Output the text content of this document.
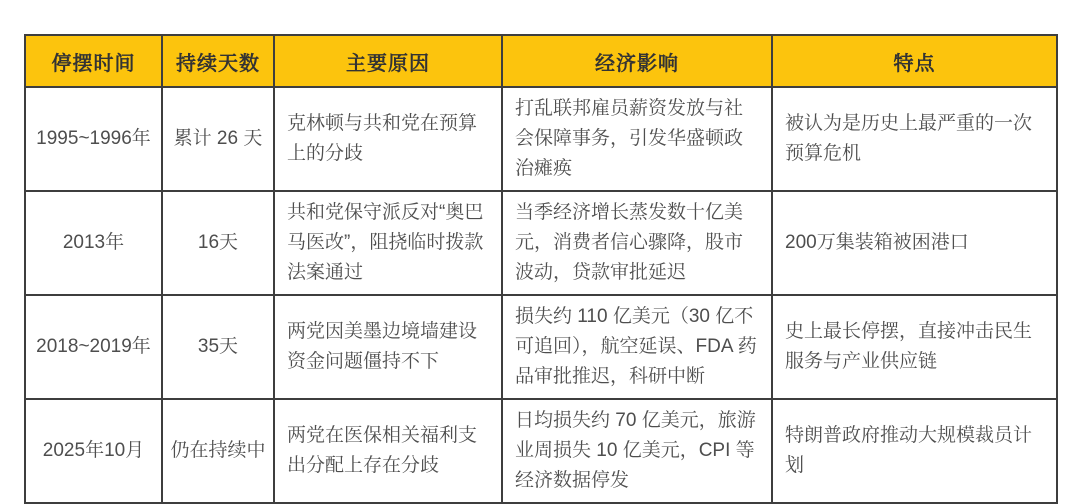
停摆时间	持续天数	主要原因	经济影响	特点
1995~1996年	累计 26 天	克林顿与共和党在预算上的分歧	打乱联邦雇员薪资发放与社会保障事务，引发华盛顿政治瘫痪	被认为是历史上最严重的一次预算危机
2013年	16天	共和党保守派反对“奥巴马医改”，阻挠临时拨款法案通过	当季经济增长蒸发数十亿美元，消费者信心骤降，股市波动，贷款审批延迟	200万集装箱被困港口
2018~2019年	35天	两党因美墨边境墙建设资金问题僵持不下	损失约 110 亿美元（30 亿不可追回），航空延误、FDA 药品审批推迟，科研中断	史上最长停摆，直接冲击民生服务与产业供应链
2025年10月	仍在持续中	两党在医保相关福利支出分配上存在分歧	日均损失约 70 亿美元，旅游业周损失 10 亿美元，CPI 等经济数据停发	特朗普政府推动大规模裁员计划
